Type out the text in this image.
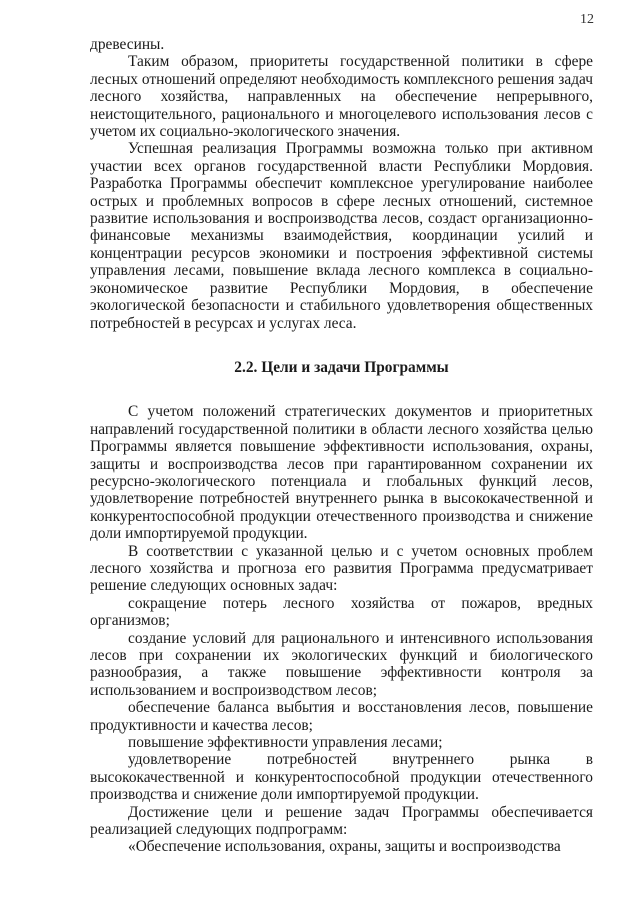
12

древесины.

Таким образом, приоритеты государственной политики в сфере лесных отношений определяют необходимость комплексного решения задач лесного хозяйства, направленных на обеспечение непрерывного, неистощительного, рационального и многоцелевого использования лесов с учетом их социально-экологического значения.

Успешная реализация Программы возможна только при активном участии всех органов государственной власти Республики Мордовия. Разработка Программы обеспечит комплексное урегулирование наиболее острых и проблемных вопросов в сфере лесных отношений, системное развитие использования и воспроизводства лесов, создаст организационно-финансовые механизмы взаимодействия, координации усилий и концентрации ресурсов экономики и построения эффективной системы управления лесами, повышение вклада лесного комплекса в социально-экономическое развитие Республики Мордовия, в обеспечение экологической безопасности и стабильного удовлетворения общественных потребностей в ресурсах и услугах леса.

2.2. Цели и задачи Программы

С учетом положений стратегических документов и приоритетных направлений государственной политики в области лесного хозяйства целью Программы является повышение эффективности использования, охраны, защиты и воспроизводства лесов при гарантированном сохранении их ресурсно-экологического потенциала и глобальных функций лесов, удовлетворение потребностей внутреннего рынка в высококачественной и конкурентоспособной продукции отечественного производства и снижение доли импортируемой продукции.

В соответствии с указанной целью и с учетом основных проблем лесного хозяйства и прогноза его развития Программа предусматривает решение следующих основных задач:

сокращение потерь лесного хозяйства от пожаров, вредных организмов;

создание условий для рационального и интенсивного использования лесов при сохранении их экологических функций и биологического разнообразия, а также повышение эффективности контроля за использованием и воспроизводством лесов;

обеспечение баланса выбытия и восстановления лесов, повышение продуктивности и качества лесов;

повышение эффективности управления лесами;

удовлетворение потребностей внутреннего рынка в высококачественной и конкурентоспособной продукции отечественного производства и снижение доли импортируемой продукции.

Достижение цели и решение задач Программы обеспечивается реализацией следующих подпрограмм:

«Обеспечение использования, охраны, защиты и воспроизводства
